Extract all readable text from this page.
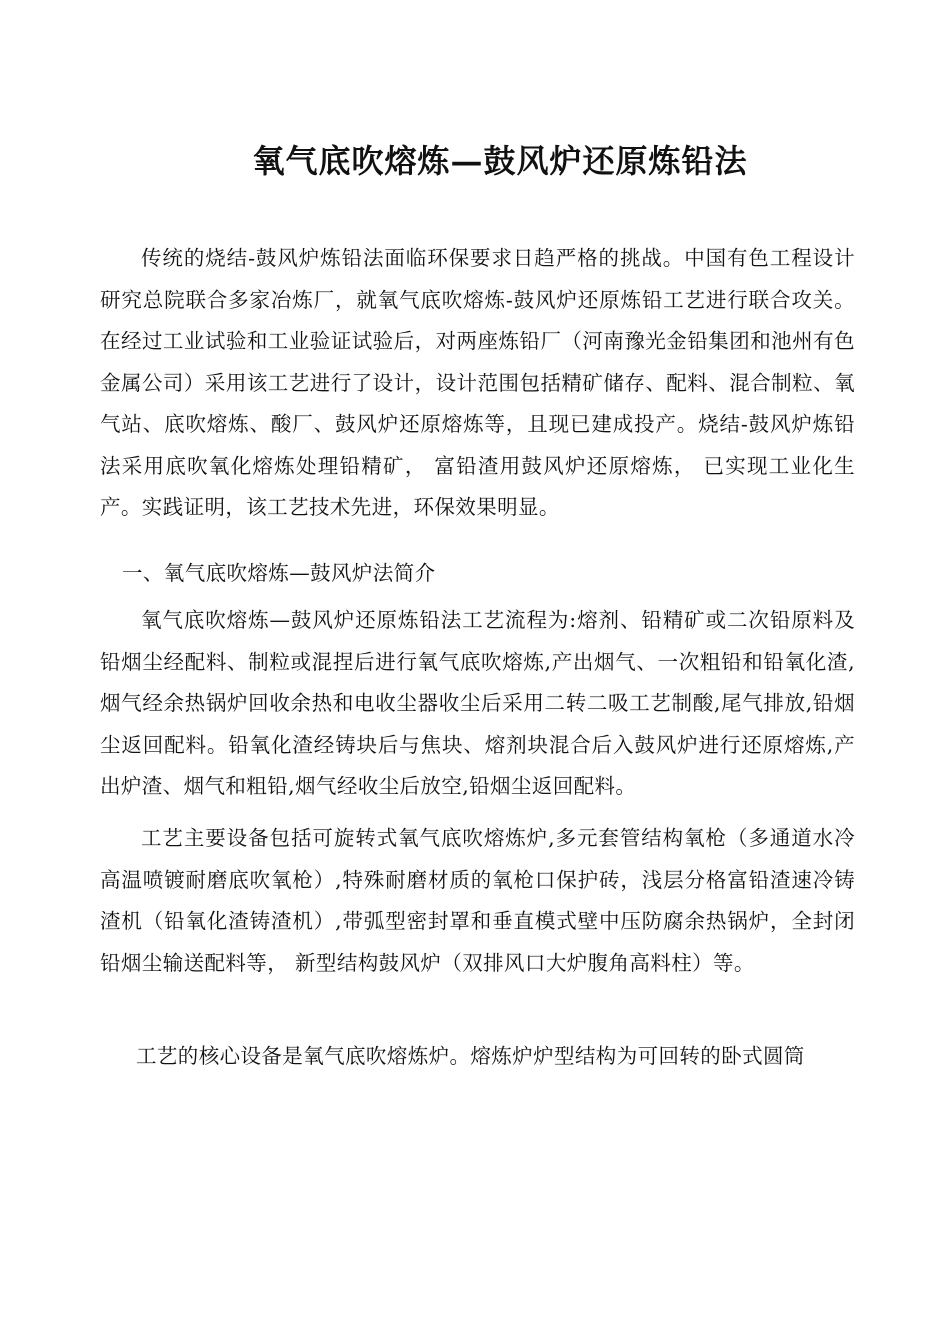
氧气底吹熔炼—鼓风炉还原炼铅法

传统的烧结-鼓风炉炼铅法面临环保要求日趋严格的挑战。中国有色工程设计研究总院联合多家冶炼厂，就氧气底吹熔炼-鼓风炉还原炼铅工艺进行联合攻关。在经过工业试验和工业验证试验后，对两座炼铅厂（河南豫光金铅集团和池州有色金属公司）采用该工艺进行了设计，设计范围包括精矿储存、配料、混合制粒、氧气站、底吹熔炼、酸厂、鼓风炉还原熔炼等，且现已建成投产。烧结-鼓风炉炼铅法采用底吹氧化熔炼处理铅精矿， 富铅渣用鼓风炉还原熔炼， 已实现工业化生产。实践证明，该工艺技术先进，环保效果明显。

一、氧气底吹熔炼—鼓风炉法简介

氧气底吹熔炼—鼓风炉还原炼铅法工艺流程为:熔剂、铅精矿或二次铅原料及铅烟尘经配料、制粒或混捏后进行氧气底吹熔炼,产出烟气、一次粗铅和铅氧化渣,烟气经余热锅炉回收余热和电收尘器收尘后采用二转二吸工艺制酸,尾气排放,铅烟尘返回配料。铅氧化渣经铸块后与焦块、熔剂块混合后入鼓风炉进行还原熔炼,产出炉渣、烟气和粗铅,烟气经收尘后放空,铅烟尘返回配料。

工艺主要设备包括可旋转式氧气底吹熔炼炉,多元套管结构氧枪（多通道水冷高温喷镀耐磨底吹氧枪）,特殊耐磨材质的氧枪口保护砖，浅层分格富铅渣速冷铸渣机（铅氧化渣铸渣机）,带弧型密封罩和垂直模式壁中压防腐余热锅炉，全封闭铅烟尘输送配料等， 新型结构鼓风炉（双排风口大炉腹角高料柱）等。

工艺的核心设备是氧气底吹熔炼炉。熔炼炉炉型结构为可回转的卧式圆筒
